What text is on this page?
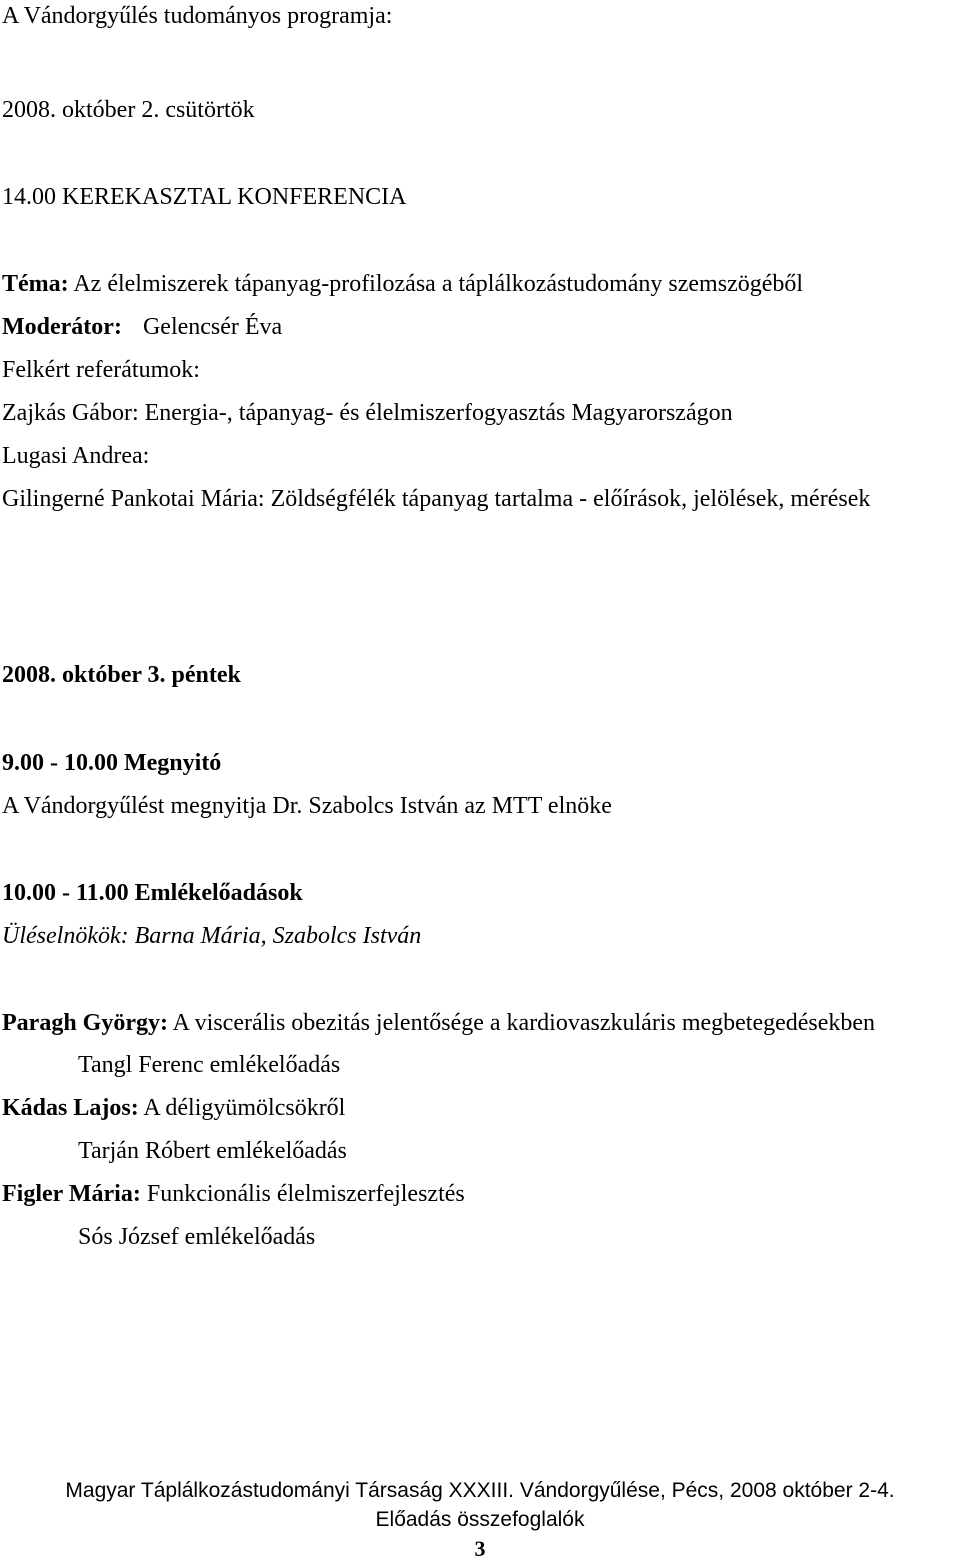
A Vándorgyűlés tudományos programja:
2008. október 2. csütörtök
14.00 KEREKASZTAL KONFERENCIA
Téma: Az élelmiszerek tápanyag-profilozása a táplálkozástudomány szemszögéből
Moderátor: Gelencsér Éva
Felkért referátumok:
Zajkás Gábor: Energia-, tápanyag- és élelmiszerfogyasztás Magyarországon
Lugasi Andrea:
Gilingerné Pankotai Mária: Zöldségfélék tápanyag tartalma - előírások, jelölések, mérések
2008. október 3. péntek
9.00 - 10.00 Megnyitó
A Vándorgyűlést megnyitja Dr. Szabolcs István az MTT elnöke
10.00 - 11.00 Emlékelőadások
Üléselnökök: Barna Mária, Szabolcs István
Paragh György: A viscerális obezitás jelentősége a kardiovaszkuláris megbetegedésekben
Tangl Ferenc emlékelőadás
Kádas Lajos: A déligyümölcsökről
Tarján Róbert emlékelőadás
Figler Mária: Funkcionális élelmiszerfejlesztés
Sós József emlékelőadás
Magyar Táplálkozástudományi Társaság XXXIII. Vándorgyűlése, Pécs, 2008 október 2-4.
Előadás összefoglalók
3
